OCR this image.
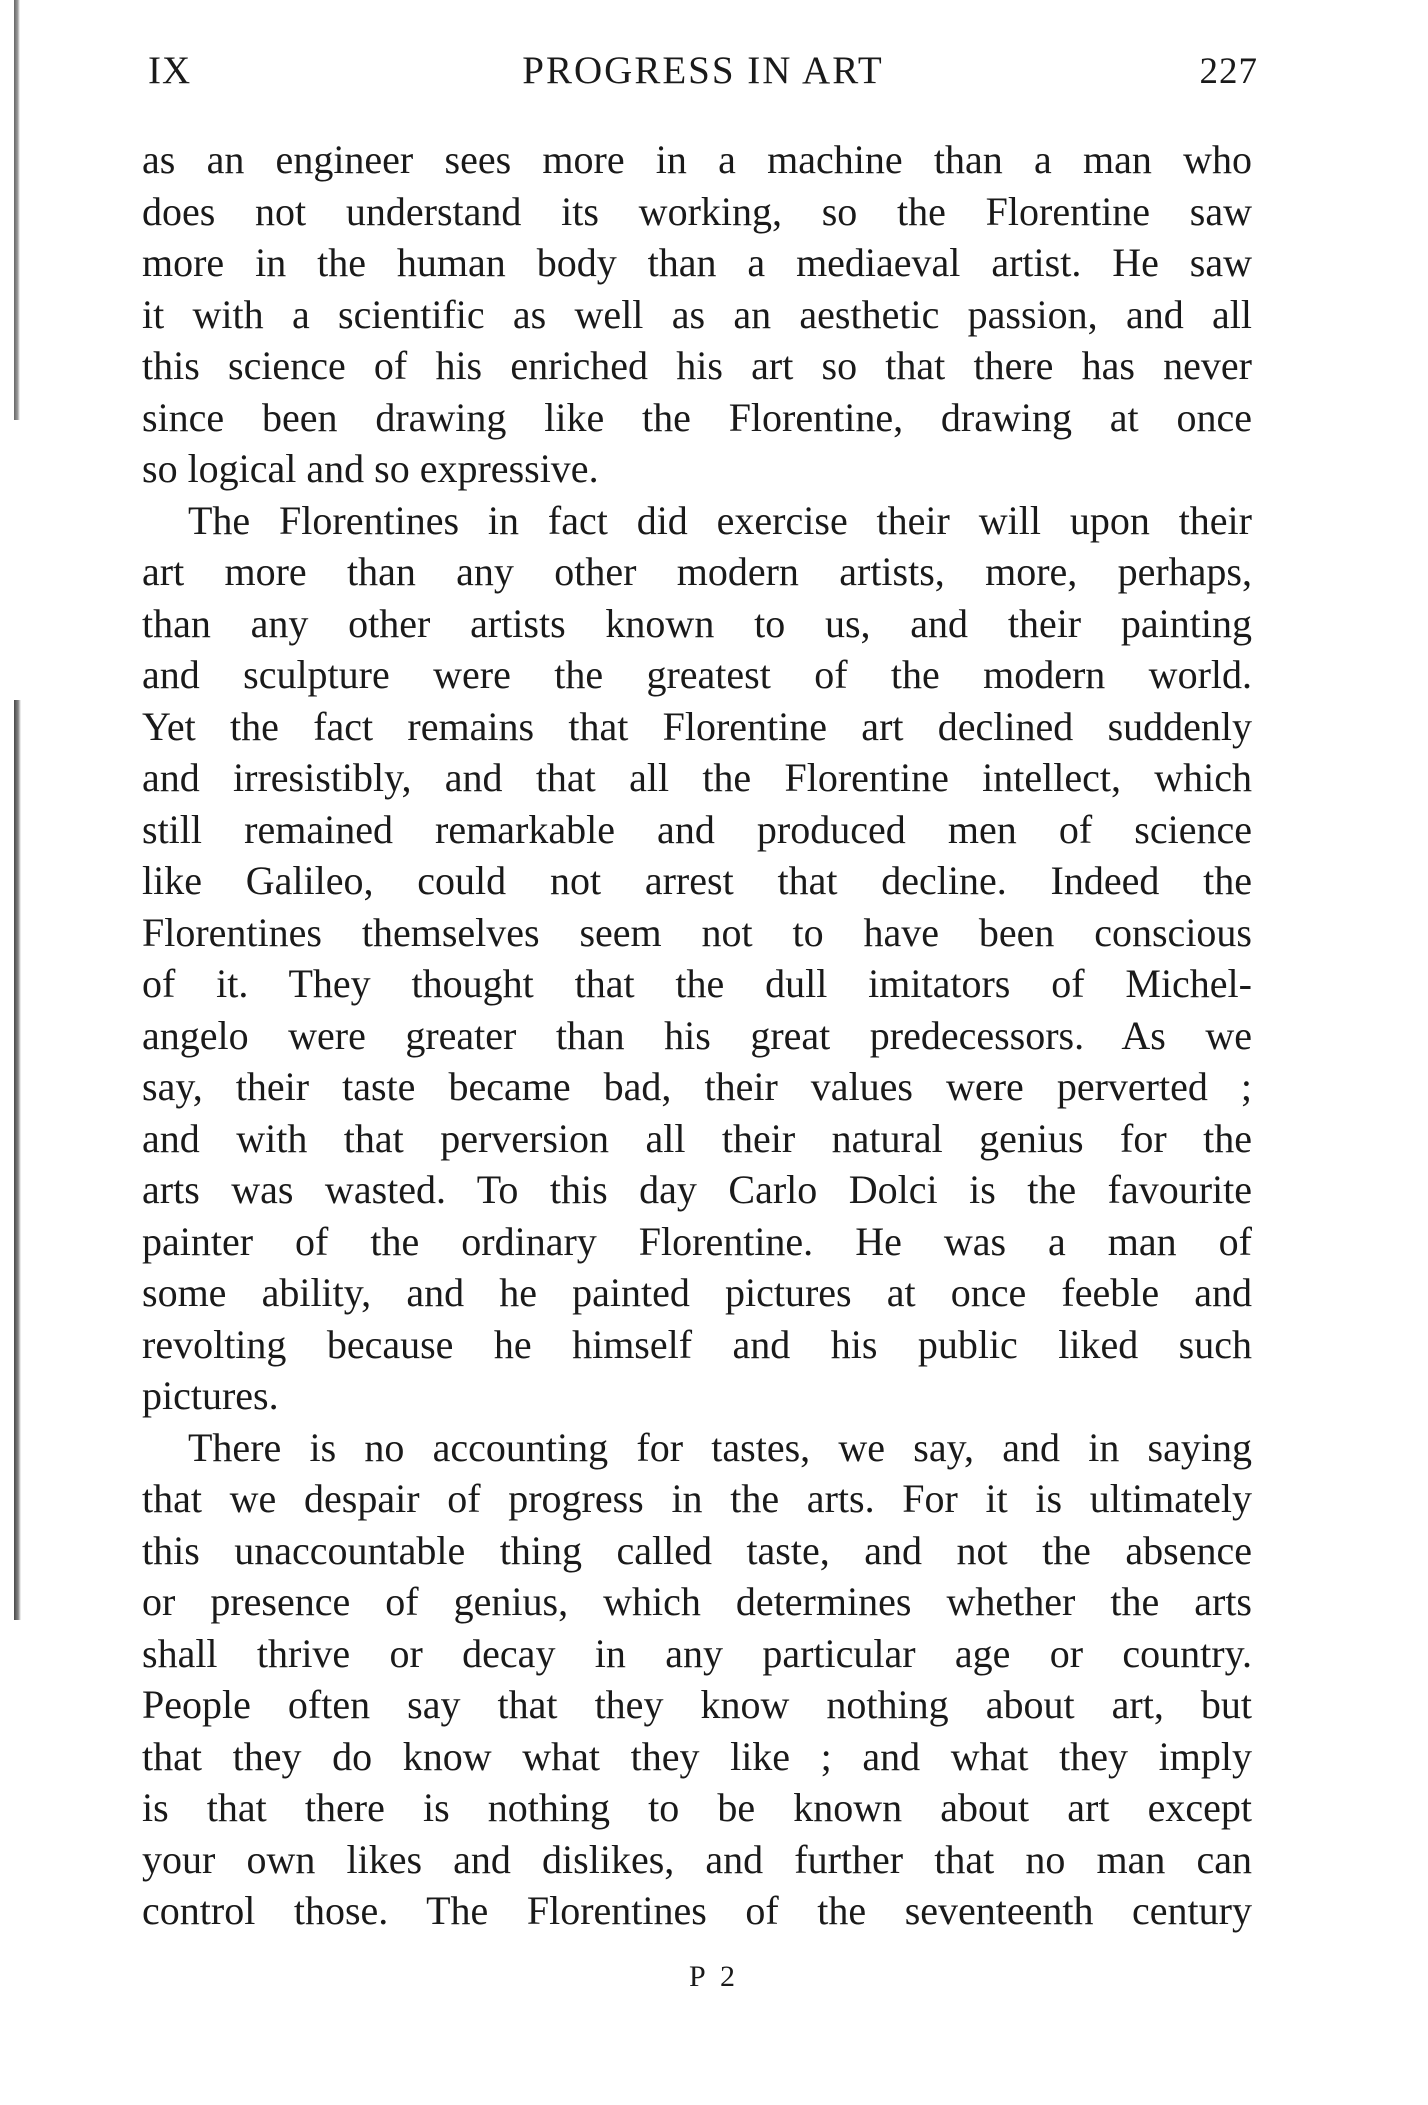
IX	PROGRESS IN ART	227
as an engineer sees more in a machine than a man who
does not understand its working, so the Florentine saw
more in the human body than a mediaeval artist. He saw
it with a scientific as well as an aesthetic passion, and all
this science of his enriched his art so that there has never
since been drawing like the Florentine, drawing at once
so logical and so expressive.
The Florentines in fact did exercise their will upon their
art more than any other modern artists, more, perhaps,
than any other artists known to us, and their painting
and sculpture were the greatest of the modern world.
Yet the fact remains that Florentine art declined suddenly
and irresistibly, and that all the Florentine intellect, which
still remained remarkable and produced men of science
like Galileo, could not arrest that decline. Indeed the
Florentines themselves seem not to have been conscious
of it. They thought that the dull imitators of Michel-
angelo were greater than his great predecessors. As we
say, their taste became bad, their values were perverted ;
and with that perversion all their natural genius for the
arts was wasted. To this day Carlo Dolci is the favourite
painter of the ordinary Florentine. He was a man of
some ability, and he painted pictures at once feeble and
revolting because he himself and his public liked such
pictures.
There is no accounting for tastes, we say, and in saying
that we despair of progress in the arts. For it is ultimately
this unaccountable thing called taste, and not the absence
or presence of genius, which determines whether the arts
shall thrive or decay in any particular age or country.
People often say that they know nothing about art, but
that they do know what they like ; and what they imply
is that there is nothing to be known about art except
your own likes and dislikes, and further that no man can
control those. The Florentines of the seventeenth century
P 2
